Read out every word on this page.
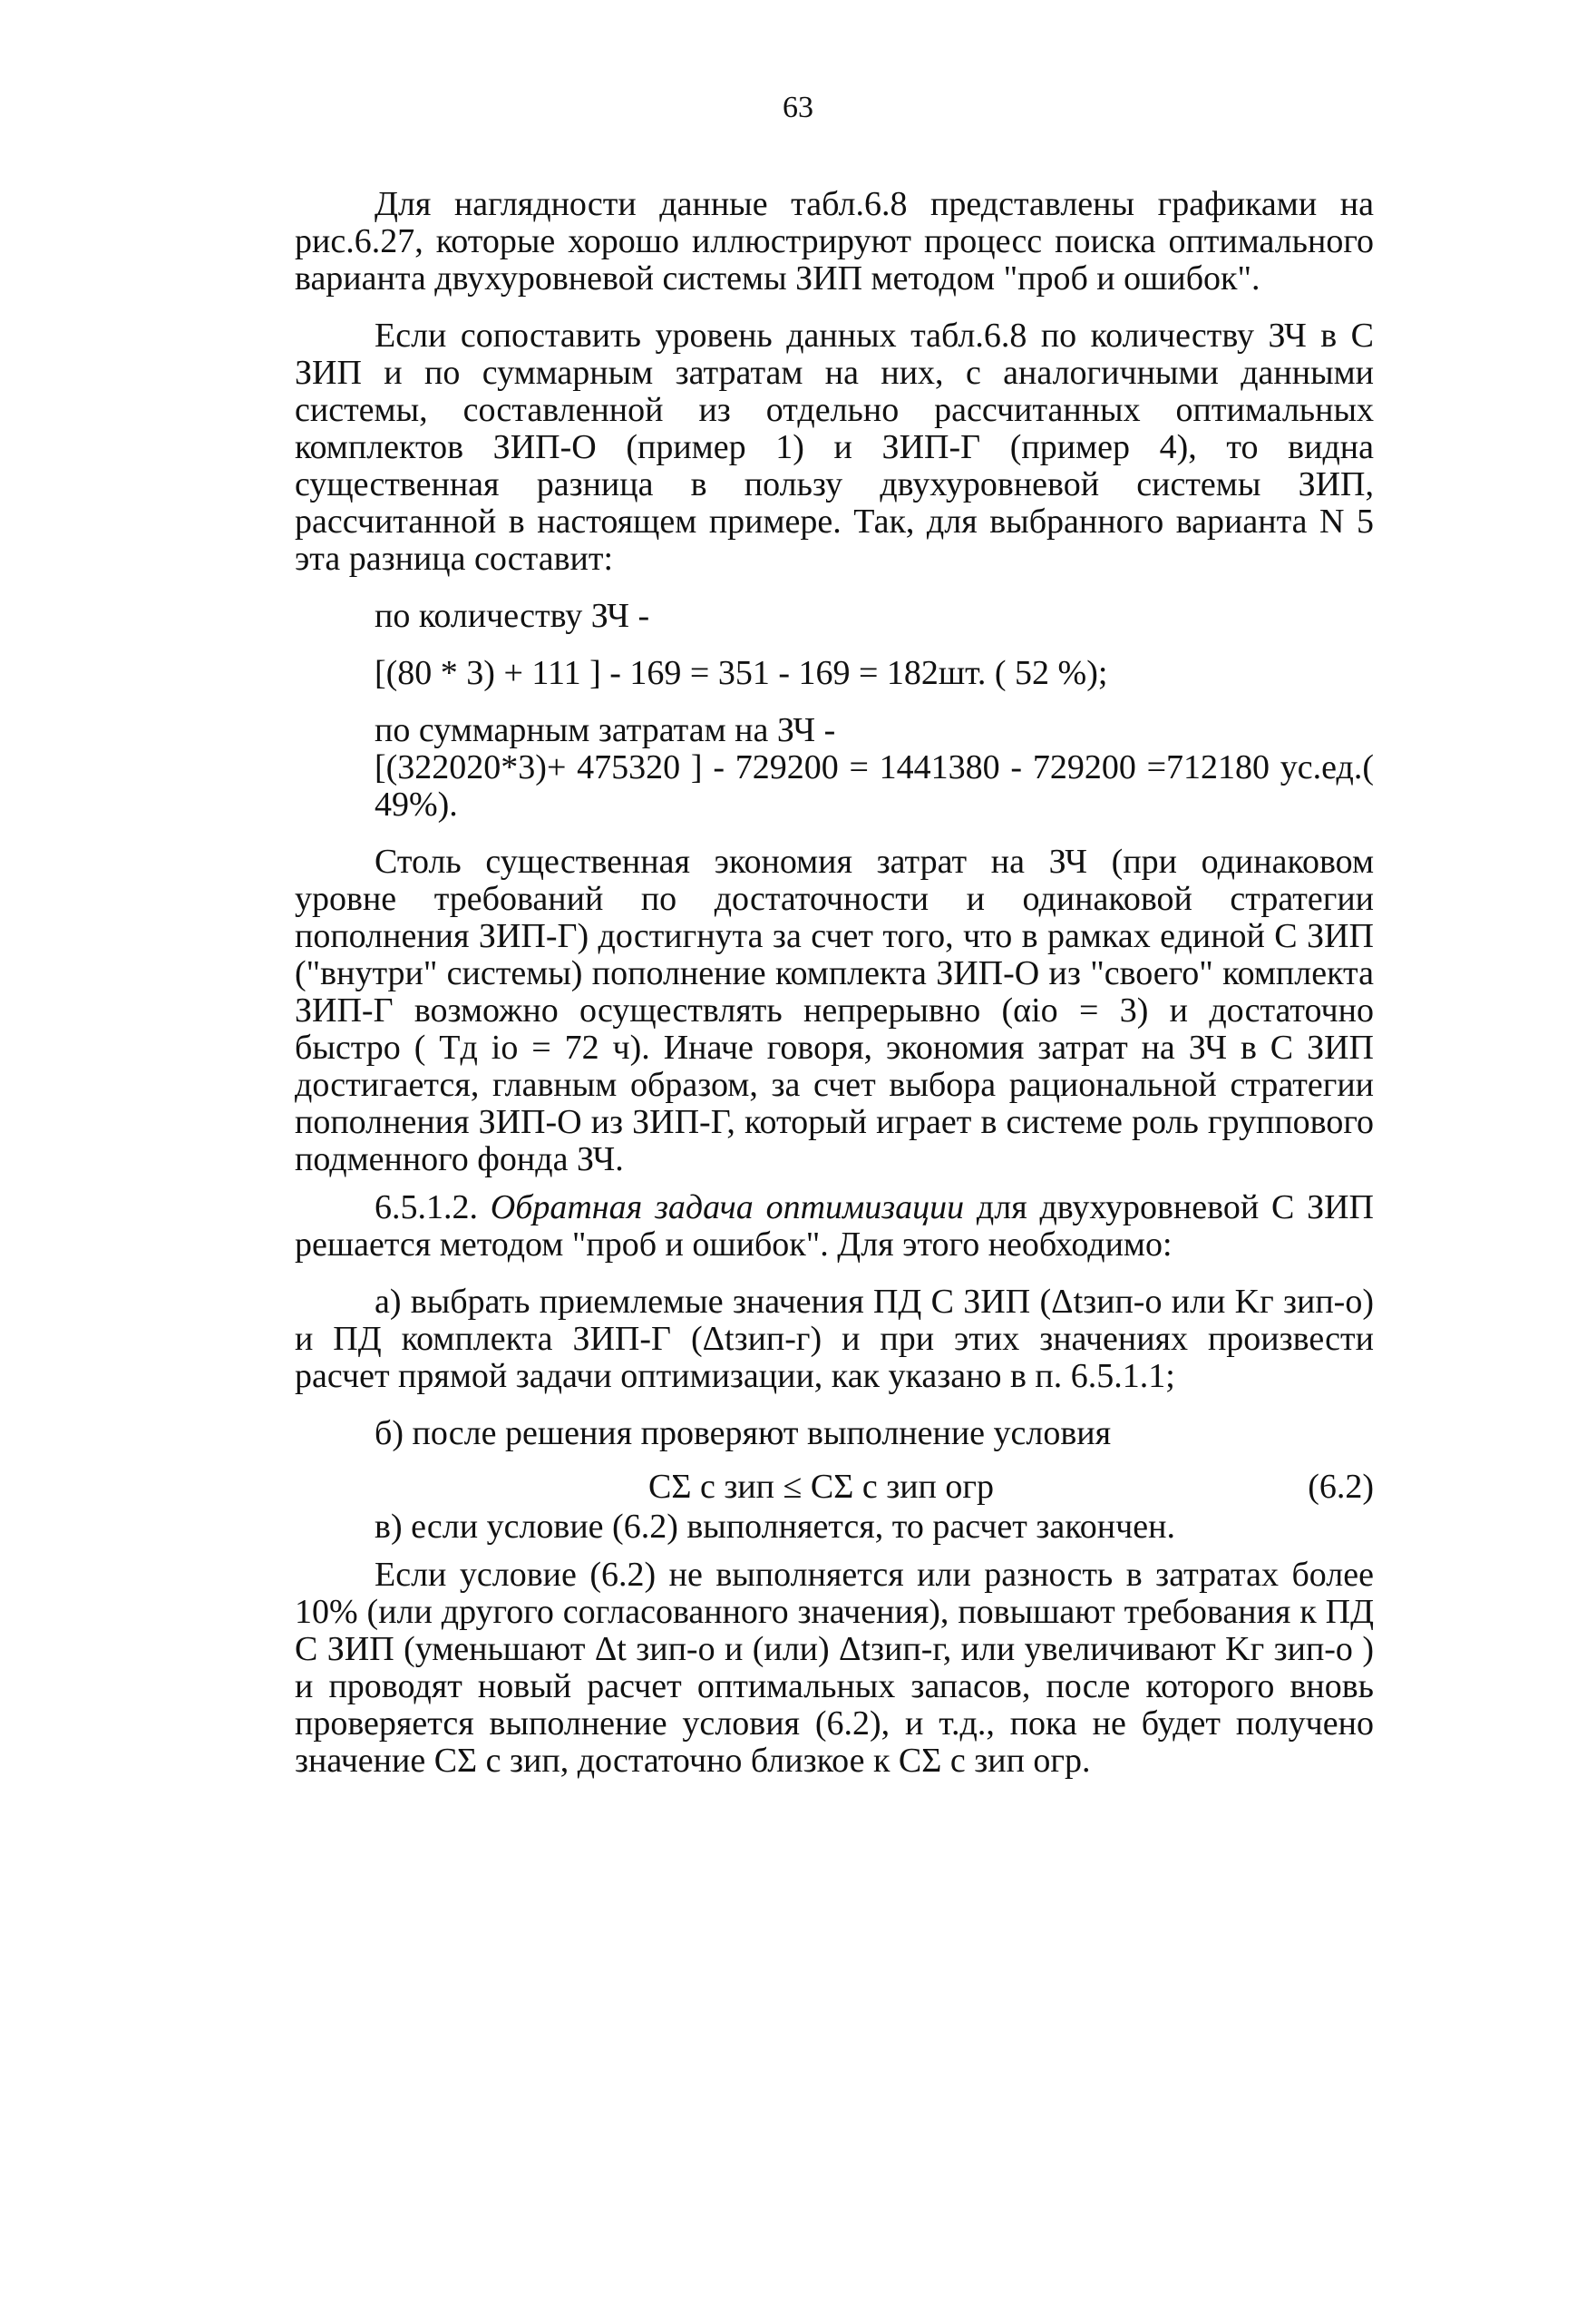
63

Для наглядности данные табл.6.8 представлены графиками на рис.6.27, которые хорошо иллюстрируют процесс поиска оптимального варианта двухуровневой системы ЗИП методом "проб и ошибок".

Если сопоставить уровень данных табл.6.8 по количеству ЗЧ в С ЗИП и по суммарным затратам на них, с аналогичными данными системы, составленной из отдельно рассчитанных оптимальных комплектов ЗИП-О (пример 1) и ЗИП-Г (пример 4), то видна существенная разница в пользу двухуровневой системы ЗИП, рассчитанной в настоящем примере. Так, для выбранного варианта N 5 эта разница составит:

по количеству ЗЧ -

[(80 * 3) + 111 ] - 169 = 351 - 169 = 182шт. ( 52 %);

по суммарным затратам на ЗЧ -

[(322020*3)+ 475320 ] - 729200 = 1441380 - 729200 =712180 ус.ед.( 49%).

Столь существенная экономия затрат на ЗЧ (при одинаковом уровне требований по достаточности и одинаковой стратегии пополнения ЗИП-Г) достигнута за счет того, что в рамках единой С ЗИП ("внутри" системы) пополнение комплекта ЗИП-О из "своего" комплекта ЗИП-Г возможно осуществлять непрерывно (αio = 3) и достаточно быстро ( Tд io = 72 ч). Иначе говоря, экономия затрат на ЗЧ в С ЗИП достигается, главным образом, за счет выбора рациональной стратегии пополнения ЗИП-О из ЗИП-Г, который играет в системе роль группового подменного фонда ЗЧ.

6.5.1.2. Обратная задача оптимизации для двухуровневой С ЗИП решается методом "проб и ошибок". Для этого необходимо:

а) выбрать приемлемые значения ПД С ЗИП (Δtзип-о или Kг зип-о) и ПД комплекта ЗИП-Г (Δtзип-г) и при этих значениях произвести расчет прямой задачи оптимизации, как указано в п. 6.5.1.1;

б) после решения проверяют выполнение условия

CΣ с зип ≤ CΣ с зип огр	(6.2)

в) если условие (6.2) выполняется, то расчет закончен.

Если условие (6.2) не выполняется или разность в затратах более 10% (или другого согласованного значения), повышают требования к ПД С ЗИП (уменьшают Δt зип-о и (или) Δtзип-г, или увеличивают Kг зип-о ) и проводят новый расчет оптимальных запасов, после которого вновь проверяется выполнение условия (6.2), и т.д., пока не будет получено значение CΣ с зип, достаточно близкое к CΣ с зип огр.
